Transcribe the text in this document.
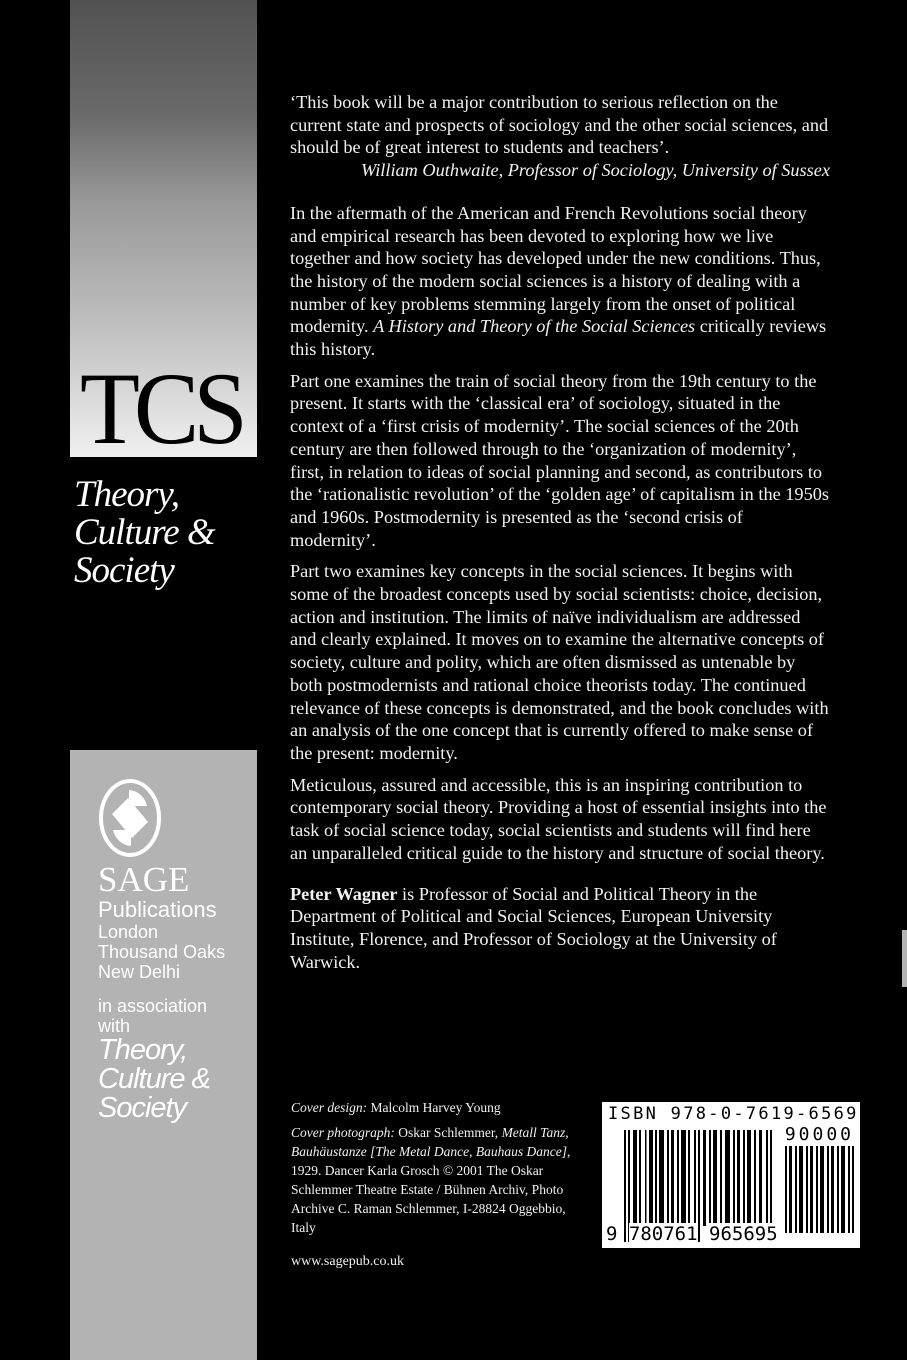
TCS
Theory,
Culture &
Society
SAGE
Publications
London
Thousand Oaks
New Delhi
in association
with
Theory,
Culture &
Society

‘This book will be a major contribution to serious reflection on the current state and prospects of sociology and the other social sciences, and should be of great interest to students and teachers’.

William Outhwaite, Professor of Sociology, University of Sussex

In the aftermath of the American and French Revolutions social theory and empirical research has been devoted to exploring how we live together and how society has developed under the new conditions. Thus, the history of the modern social sciences is a history of dealing with a number of key problems stemming largely from the onset of political modernity. A History and Theory of the Social Sciences critically reviews this history.

Part one examines the train of social theory from the 19th century to the present. It starts with the ‘classical era’ of sociology, situated in the context of a ‘first crisis of modernity’. The social sciences of the 20th century are then followed through to the ‘organization of modernity’, first, in relation to ideas of social planning and second, as contributors to the ‘rationalistic revolution’ of the ‘golden age’ of capitalism in the 1950s and 1960s. Postmodernity is presented as the ‘second crisis of modernity’.

Part two examines key concepts in the social sciences. It begins with some of the broadest concepts used by social scientists: choice, decision, action and institution. The limits of naïve individualism are addressed and clearly explained. It moves on to examine the alternative concepts of society, culture and polity, which are often dismissed as untenable by both postmodernists and rational choice theorists today. The continued relevance of these concepts is demonstrated, and the book concludes with an analysis of the one concept that is currently offered to make sense of the present: modernity.

Meticulous, assured and accessible, this is an inspiring contribution to contemporary social theory. Providing a host of essential insights into the task of social science today, social scientists and students will find here an unparalleled critical guide to the history and structure of social theory.

Peter Wagner is Professor of Social and Political Theory in the Department of Political and Social Sciences, European University Institute, Florence, and Professor of Sociology at the University of Warwick.

Cover design: Malcolm Harvey Young

Cover photograph: Oskar Schlemmer, Metall Tanz, Bauhäustanze [The Metal Dance, Bauhaus Dance], 1929. Dancer Karla Grosch © 2001 The Oskar Schlemmer Theatre Estate / Bühnen Archiv, Photo Archive C. Raman Schlemmer, I-28824 Oggebbio, Italy

www.sagepub.co.uk
ISBN 978-0-7619-6569-5
90000
9 780761 965695
